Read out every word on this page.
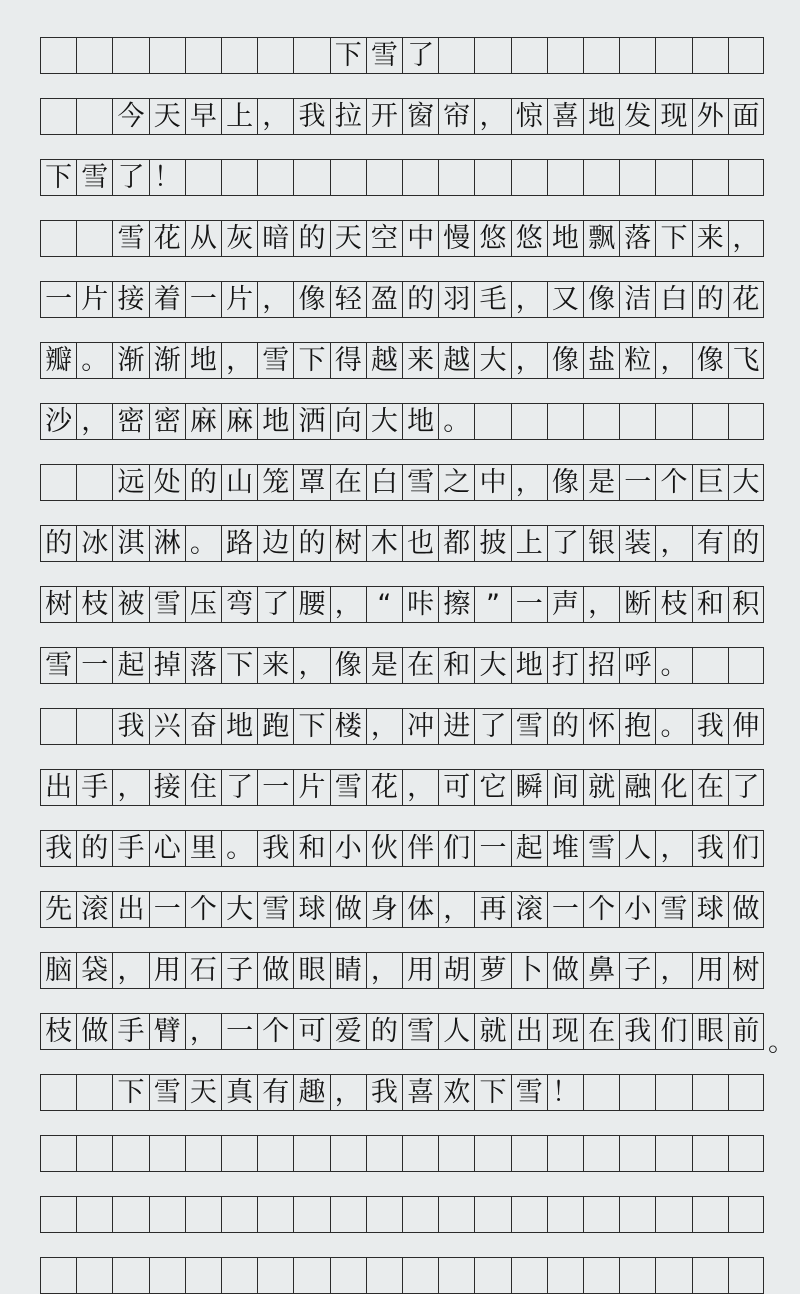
下 雪 了
今 天 早 上 ， 我 拉 开 窗 帘 ， 惊 喜 地 发 现 外 面
下 雪 了 ！
雪 花 从 灰 暗 的 天 空 中 慢 悠 悠 地 飘 落 下 来 ，
一 片 接 着 一 片 ， 像 轻 盈 的 羽 毛 ， 又 像 洁 白 的 花
瓣 。 渐 渐 地 ， 雪 下 得 越 来 越 大 ， 像 盐 粒 ， 像 飞
沙 ， 密 密 麻 麻 地 洒 向 大 地 。
远 处 的 山 笼 罩 在 白 雪 之 中 ， 像 是 一 个 巨 大
的 冰 淇 淋 。 路 边 的 树 木 也 都 披 上 了 银 装 ， 有 的
树 枝 被 雪 压 弯 了 腰 ， “ 咔 擦 ” 一 声 ， 断 枝 和 积
雪 一 起 掉 落 下 来 ， 像 是 在 和 大 地 打 招 呼 。
我 兴 奋 地 跑 下 楼 ， 冲 进 了 雪 的 怀 抱 。 我 伸
出 手 ， 接 住 了 一 片 雪 花 ， 可 它 瞬 间 就 融 化 在 了
我 的 手 心 里 。 我 和 小 伙 伴 们 一 起 堆 雪 人 ， 我 们
先 滚 出 一 个 大 雪 球 做 身 体 ， 再 滚 一 个 小 雪 球 做
脑 袋 ， 用 石 子 做 眼 睛 ， 用 胡 萝 卜 做 鼻 子 ， 用 树
枝 做 手 臂 ， 一 个 可 爱 的 雪 人 就 出 现 在 我 们 眼 前 。
下 雪 天 真 有 趣 ， 我 喜 欢 下 雪 ！
